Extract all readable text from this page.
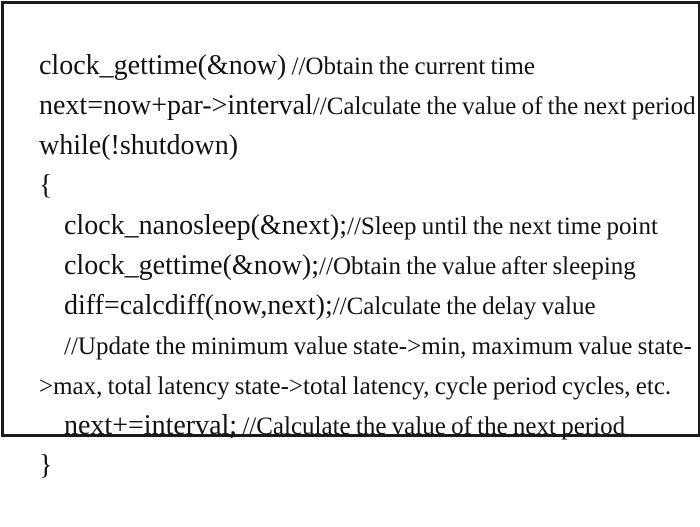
clock_gettime(&now) //Obtain the current time

next=now+par->interval//Calculate the value of the next period

while(!shutdown)

{

clock_nanosleep(&next);//Sleep until the next time point

clock_gettime(&now);//Obtain the value after sleeping

diff=calcdiff(now,next);//Calculate the delay value

//Update the minimum value state->min, maximum value state-

>max, total latency state->total latency, cycle period cycles, etc.

next+=interval; //Calculate the value of the next period

}
